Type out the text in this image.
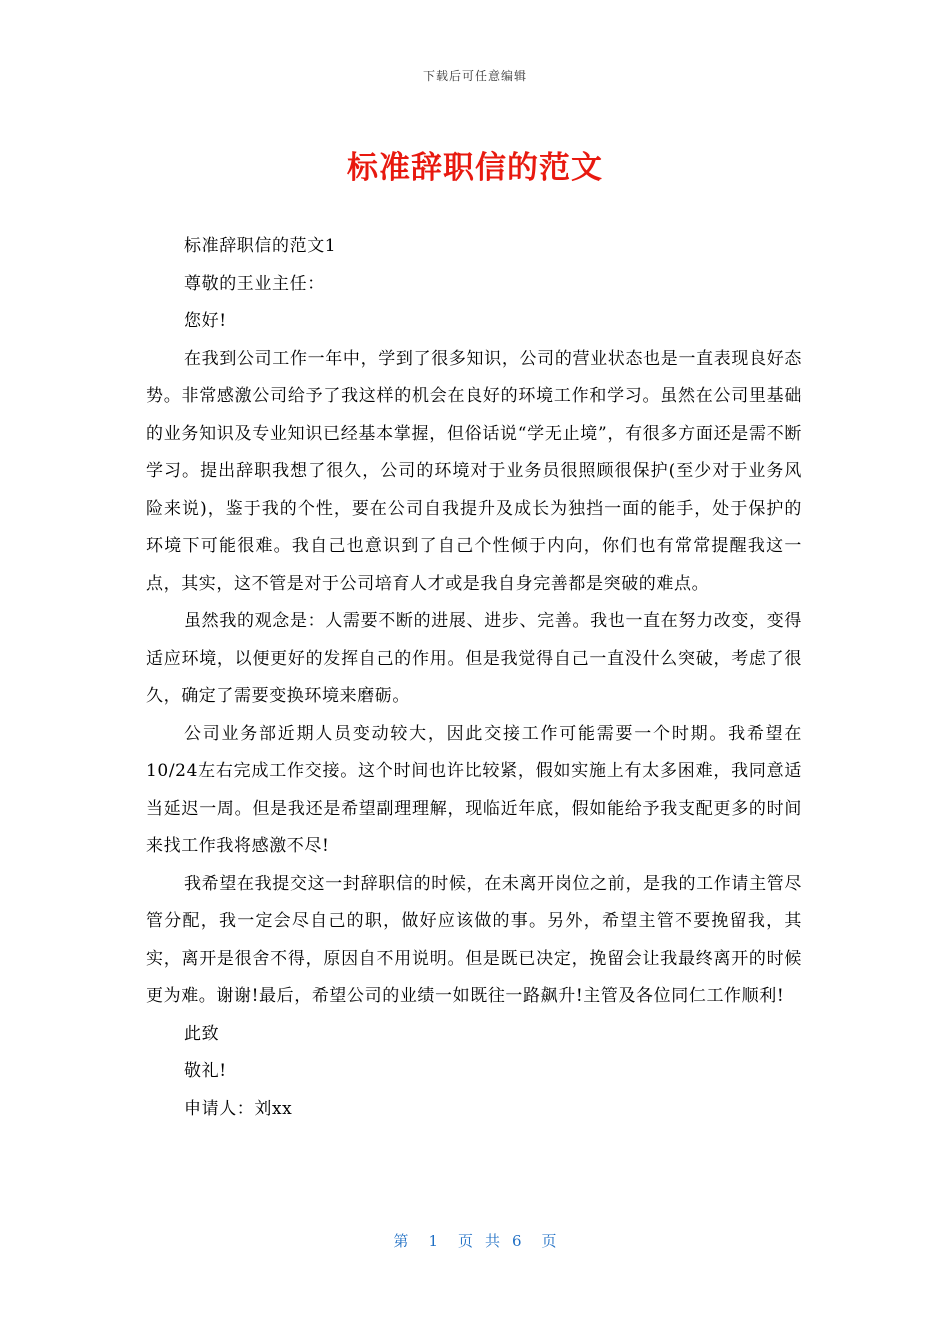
下载后可任意编辑
标准辞职信的范文

标准辞职信的范文1

尊敬的王业主任：

您好!

在我到公司工作一年中，学到了很多知识，公司的营业状态也是一直表现良好态势。非常感激公司给予了我这样的机会在良好的环境工作和学习。虽然在公司里基础的业务知识及专业知识已经基本掌握，但俗话说“学无止境”，有很多方面还是需不断学习。提出辞职我想了很久，公司的环境对于业务员很照顾很保护(至少对于业务风险来说)，鉴于我的个性，要在公司自我提升及成长为独挡一面的能手，处于保护的环境下可能很难。我自己也意识到了自己个性倾于内向，你们也有常常提醒我这一点，其实，这不管是对于公司培育人才或是我自身完善都是突破的难点。

虽然我的观念是：人需要不断的进展、进步、完善。我也一直在努力改变，变得适应环境，以便更好的发挥自己的作用。但是我觉得自己一直没什么突破，考虑了很久，确定了需要变换环境来磨砺。

公司业务部近期人员变动较大，因此交接工作可能需要一个时期。我希望在10/24左右完成工作交接。这个时间也许比较紧，假如实施上有太多困难，我同意适当延迟一周。但是我还是希望副理理解，现临近年底，假如能给予我支配更多的时间来找工作我将感激不尽!

我希望在我提交这一封辞职信的时候，在未离开岗位之前，是我的工作请主管尽管分配，我一定会尽自己的职，做好应该做的事。另外，希望主管不要挽留我，其实，离开是很舍不得，原因自不用说明。但是既已决定，挽留会让我最终离开的时候更为难。谢谢!最后，希望公司的业绩一如既往一路飙升!主管及各位同仁工作顺利!

此致

敬礼!

申请人：刘xx

第 1 页共6 页
